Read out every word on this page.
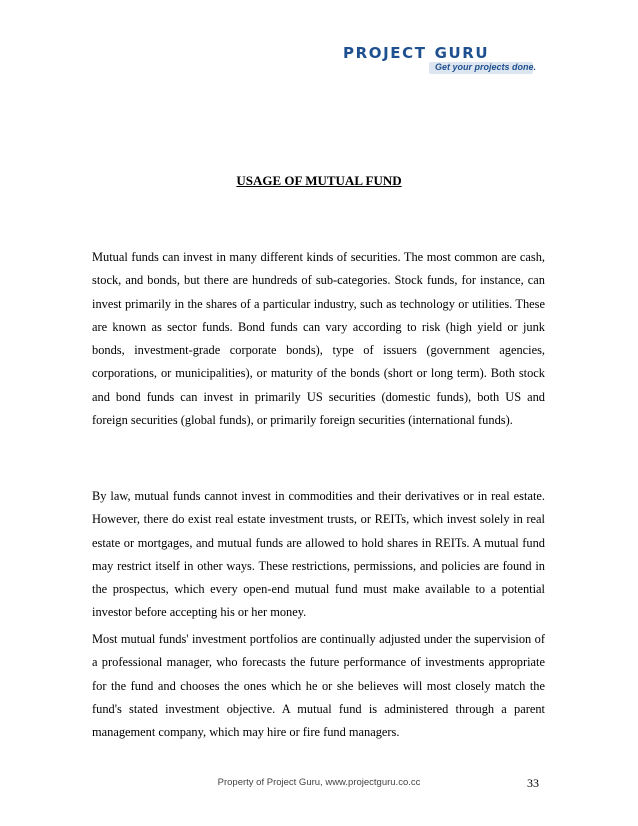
PROJECT GURU
Get your projects done.
USAGE OF MUTUAL FUND

Mutual funds can invest in many different kinds of securities. The most common are cash, stock, and bonds, but there are hundreds of sub-categories. Stock funds, for instance, can invest primarily in the shares of a particular industry, such as technology or utilities. These are known as sector funds. Bond funds can vary according to risk (high yield or junk bonds, investment-grade corporate bonds), type of issuers (government agencies, corporations, or municipalities), or maturity of the bonds (short or long term). Both stock and bond funds can invest in primarily US securities (domestic funds), both US and foreign securities (global funds), or primarily foreign securities (international funds).

By law, mutual funds cannot invest in commodities and their derivatives or in real estate. However, there do exist real estate investment trusts, or REITs, which invest solely in real estate or mortgages, and mutual funds are allowed to hold shares in REITs. A mutual fund may restrict itself in other ways. These restrictions, permissions, and policies are found in the prospectus, which every open-end mutual fund must make available to a potential investor before accepting his or her money.

Most mutual funds' investment portfolios are continually adjusted under the supervision of a professional manager, who forecasts the future performance of investments appropriate for the fund and chooses the ones which he or she believes will most closely match the fund's stated investment objective. A mutual fund is administered through a parent management company, which may hire or fire fund managers.

Property of Project Guru, www.projectguru.co.cc	33
